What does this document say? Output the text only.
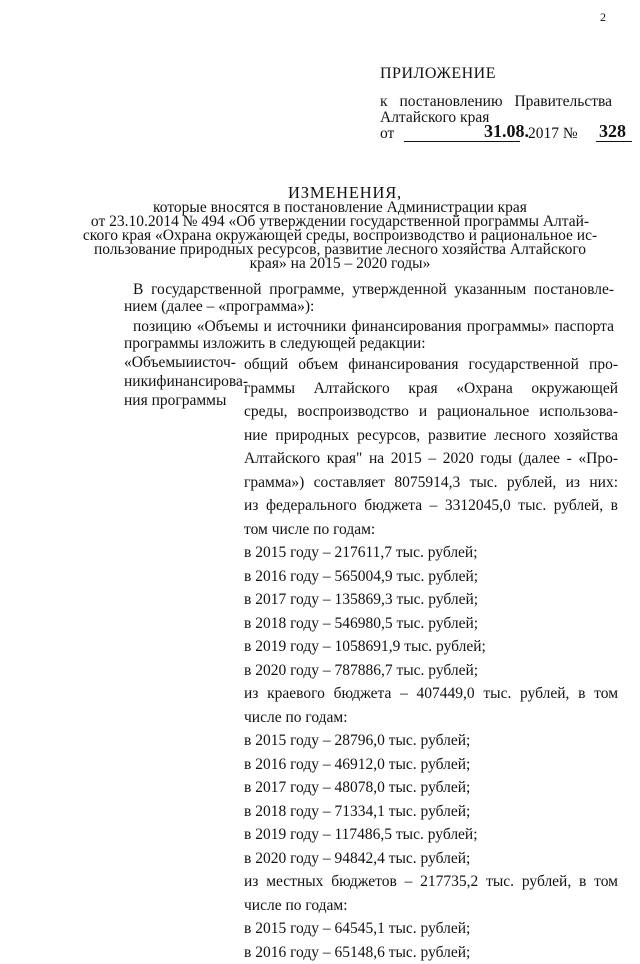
2
ПРИЛОЖЕНИЕ
к постановлению Правительства
Алтайского края
от	31.08. 2017 № 328
ИЗМЕНЕНИЯ,
которые вносятся в постановление Администрации края
от 23.10.2014 № 494 «Об утверждении государственной программы Алтай-
ского края «Охрана окружающей среды, воспроизводство и рациональное ис-
пользование природных ресурсов, развитие лесного хозяйства Алтайского
края» на 2015 – 2020 годы»

В государственной программе, утвержденной указанным постановле-нием (далее – «программа»):

позицию «Объемы и источники финансирования программы» паспорта программы изложить в следующей редакции:

«Объемы и источ-
ники финансирова-
ния программы
общий объем финансирования государственной про-
граммы Алтайского края «Охрана окружающей
среды, воспроизводство и рациональное использова-
ние природных ресурсов, развитие лесного хозяйства
Алтайского края" на 2015 – 2020 годы (далее - «Про-
грамма») составляет 8075914,3 тыс. рублей, из них:
из федерального бюджета – 3312045,0 тыс. рублей, в
том числе по годам:
в 2015 году – 217611,7 тыс. рублей;
в 2016 году – 565004,9 тыс. рублей;
в 2017 году – 135869,3 тыс. рублей;
в 2018 году – 546980,5 тыс. рублей;
в 2019 году – 1058691,9 тыс. рублей;
в 2020 году – 787886,7 тыс. рублей;
из краевого бюджета – 407449,0 тыс. рублей, в том
числе по годам:
в 2015 году – 28796,0 тыс. рублей;
в 2016 году – 46912,0 тыс. рублей;
в 2017 году – 48078,0 тыс. рублей;
в 2018 году – 71334,1 тыс. рублей;
в 2019 году – 117486,5 тыс. рублей;
в 2020 году – 94842,4 тыс. рублей;
из местных бюджетов – 217735,2 тыс. рублей, в том
числе по годам:
в 2015 году – 64545,1 тыс. рублей;
в 2016 году – 65148,6 тыс. рублей;
